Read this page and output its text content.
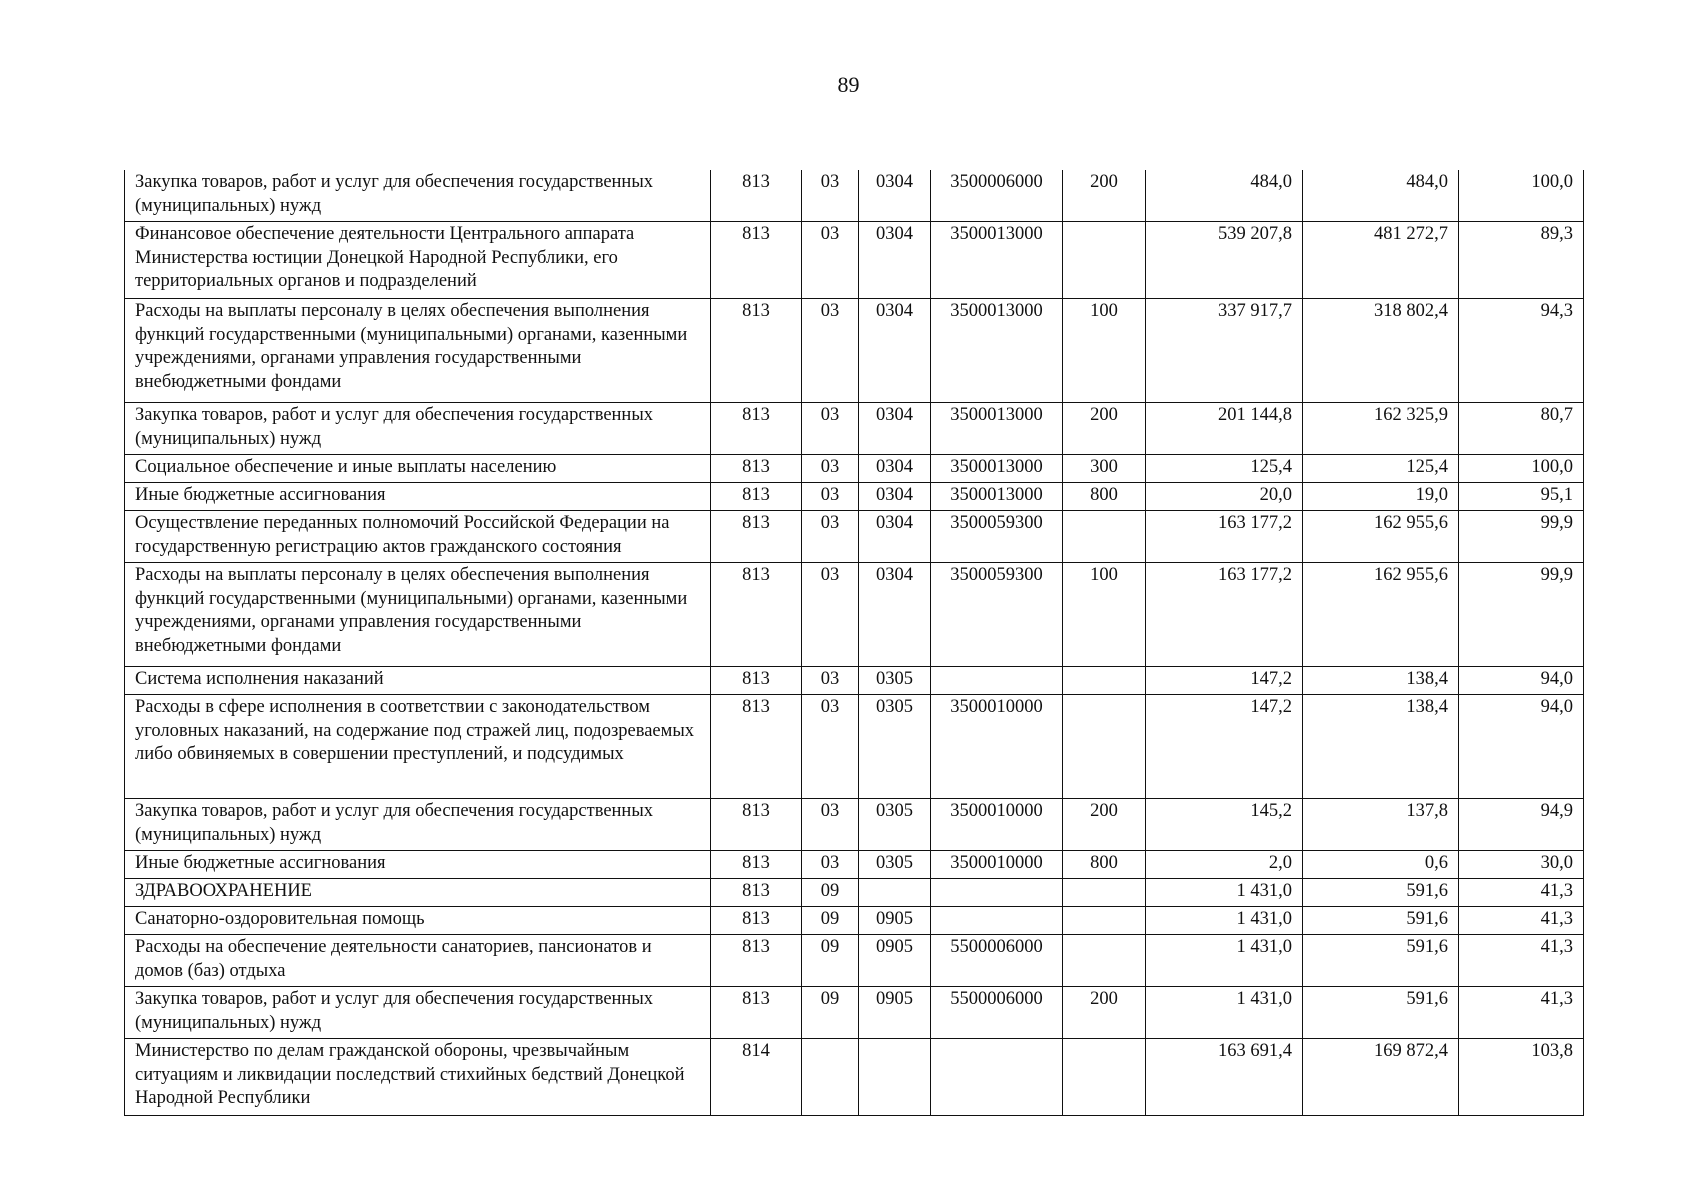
89
Закупка товаров, работ и услуг для обеспечения государственных (муниципальных) нужд	813	03	0304	3500006000	200	484,0	484,0	100,0
Финансовое обеспечение деятельности Центрального аппарата Министерства юстиции Донецкой Народной Республики, его территориальных органов и подразделений	813	03	0304	3500013000		539 207,8	481 272,7	89,3
Расходы на выплаты персоналу в целях обеспечения выполнения функций государственными (муниципальными) органами, казенными учреждениями, органами управления государственными внебюджетными фондами	813	03	0304	3500013000	100	337 917,7	318 802,4	94,3
Закупка товаров, работ и услуг для обеспечения государственных (муниципальных) нужд	813	03	0304	3500013000	200	201 144,8	162 325,9	80,7
Социальное обеспечение и иные выплаты населению	813	03	0304	3500013000	300	125,4	125,4	100,0
Иные бюджетные ассигнования	813	03	0304	3500013000	800	20,0	19,0	95,1
Осуществление переданных полномочий Российской Федерации на государственную регистрацию актов гражданского состояния	813	03	0304	3500059300		163 177,2	162 955,6	99,9
Расходы на выплаты персоналу в целях обеспечения выполнения функций государственными (муниципальными) органами, казенными учреждениями, органами управления государственными внебюджетными фондами	813	03	0304	3500059300	100	163 177,2	162 955,6	99,9
Система исполнения наказаний	813	03	0305			147,2	138,4	94,0
Расходы в сфере исполнения в соответствии с законодательством уголовных наказаний, на содержание под стражей лиц, подозреваемых либо обвиняемых в совершении преступлений, и подсудимых	813	03	0305	3500010000		147,2	138,4	94,0
Закупка товаров, работ и услуг для обеспечения государственных (муниципальных) нужд	813	03	0305	3500010000	200	145,2	137,8	94,9
Иные бюджетные ассигнования	813	03	0305	3500010000	800	2,0	0,6	30,0
ЗДРАВООХРАНЕНИЕ	813	09				1 431,0	591,6	41,3
Санаторно-оздоровительная помощь	813	09	0905			1 431,0	591,6	41,3
Расходы на обеспечение деятельности санаториев, пансионатов и домов (баз) отдыха	813	09	0905	5500006000		1 431,0	591,6	41,3
Закупка товаров, работ и услуг для обеспечения государственных (муниципальных) нужд	813	09	0905	5500006000	200	1 431,0	591,6	41,3
Министерство по делам гражданской обороны, чрезвычайным ситуациям и ликвидации последствий стихийных бедствий Донецкой Народной Республики	814					163 691,4	169 872,4	103,8
